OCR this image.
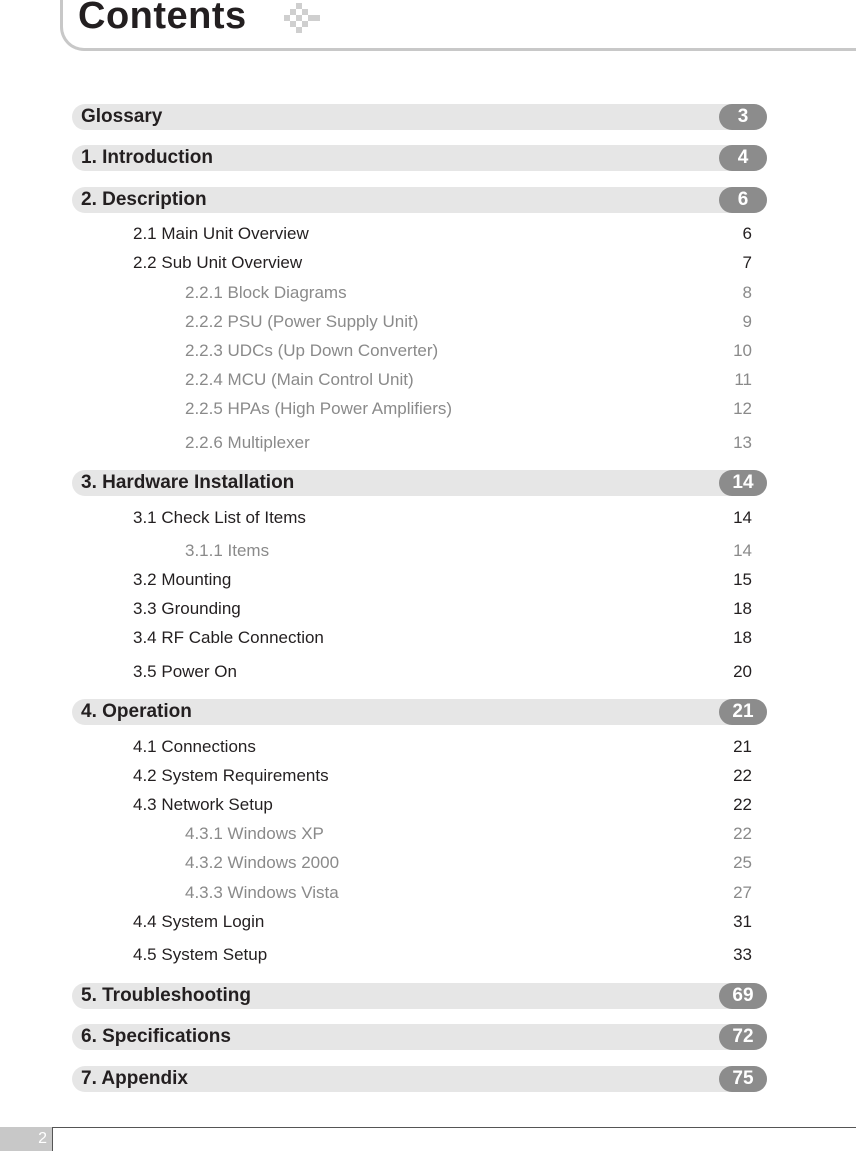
Contents
Glossary	3
1. Introduction	4
2. Description	6
2.1 Main Unit Overview	6
2.2 Sub Unit Overview	7
2.2.1 Block Diagrams	8
2.2.2 PSU (Power Supply Unit)	9
2.2.3 UDCs (Up Down Converter)	10
2.2.4 MCU (Main Control Unit)	11
2.2.5 HPAs (High Power Amplifiers)	12
2.2.6 Multiplexer	13
3. Hardware Installation	14
3.1 Check List of Items	14
3.1.1 Items	14
3.2 Mounting	15
3.3 Grounding	18
3.4 RF Cable Connection	18
3.5 Power On	20
4. Operation	21
4.1 Connections	21
4.2 System Requirements	22
4.3 Network Setup	22
4.3.1 Windows XP	22
4.3.2 Windows 2000	25
4.3.3 Windows Vista	27
4.4 System Login	31
4.5 System Setup	33
5. Troubleshooting	69
6. Specifications	72
7. Appendix	75
2
